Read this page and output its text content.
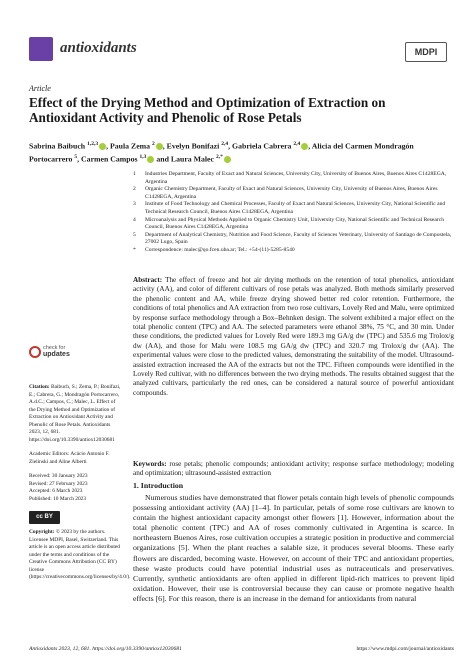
antioxidants	MDPI
Article
Effect of the Drying Method and Optimization of Extraction on Antioxidant Activity and Phenolic of Rose Petals
Sabrina Baibuch $^{1,2,3}$ , Paula Zema $^2$ , Evelyn Bonifazi $^{2,4}$, Gabriela Cabrera $^{2,4}$ , Alicia del Carmen Mondragón Portocarrero $^5$, Carmen Campos $^{1,3}$ and Laura Malec $^{2,*}$
1	Industries Department, Faculty of Exact and Natural Sciences, University City, University of Buenos Aires, Buenos Aires C1428EGA, Argentina
2	Organic Chemistry Department, Faculty of Exact and Natural Sciences, University City, University of Buenos Aires, Buenos Aires C1428EGA, Argentina
3	Institute of Food Technology and Chemical Processes, Faculty of Exact and Natural Sciences, University City, National Scientific and Technical Research Council, Buenos Aires C1428EGA, Argentina
4	Microanalysis and Physical Methods Applied to Organic Chemistry Unit, University City, National Scientific and Technical Research Council, Buenos Aires C1428EGA, Argentina
5	Department of Analytical Chemistry, Nutrition and Food Science, Faculty of Sciences Veterinary, University of Santiago de Compostela, 27002 Lugo, Spain
*	Correspondence: malec@qo.fcen.uba.ar; Tel.: +54-(11)-5285-8540
check for
updates

Citation: Baibuch, S.; Zema, P.; Bonifazi, E.; Cabrera, G.; Mondragón Portocarrero, A.d.C.; Campos, C.; Malec, L. Effect of the Drying Method and Optimization of Extraction on Antioxidant Activity and Phenolic of Rose Petals. Antioxidants 2023, 12, 681. https://doi.org/10.3390/antiox12030681

Academic Editors: Acácio Antonio F. Zielinski and Aline Alberti

Received: 30 January 2023
Revised: 27 February 2023
Accepted: 6 March 2023
Published: 10 March 2023

cc BY

Copyright: © 2023 by the authors. Licensee MDPI, Basel, Switzerland. This article is an open access article distributed under the terms and conditions of the Creative Commons Attribution (CC BY) license (https://creativecommons.org/licenses/by/4.0/).

Abstract: The effect of freeze and hot air drying methods on the retention of total phenolics, antioxidant activity (AA), and color of different cultivars of rose petals was analyzed. Both methods similarly preserved the phenolic content and AA, while freeze drying showed better red color retention. Furthermore, the conditions of total phenolics and AA extraction from two rose cultivars, Lovely Red and Malu, were optimized by response surface methodology through a Box–Behnken design. The solvent exhibited a major effect on the total phenolic content (TPC) and AA. The selected parameters were ethanol 38%, 75 °C, and 30 min. Under these conditions, the predicted values for Lovely Red were 189.3 mg GA/g dw (TPC) and 535.6 mg Trolox/g dw (AA), and those for Malu were 108.5 mg GA/g dw (TPC) and 320.7 mg Trolox/g dw (AA). The experimental values were close to the predicted values, demonstrating the suitability of the model. Ultrasound-assisted extraction increased the AA of the extracts but not the TPC. Fifteen compounds were identified in the Lovely Red cultivar, with no differences between the two drying methods. The results obtained suggest that the analyzed cultivars, particularly the red ones, can be considered a natural source of powerful antioxidant compounds.
Keywords: rose petals; phenolic compounds; antioxidant activity; response surface methodology; modeling and optimization; ultrasound-assisted extraction
1. Introduction
Numerous studies have demonstrated that flower petals contain high levels of phenolic compounds possessing antioxidant activity (AA) [1–4]. In particular, petals of some rose cultivars are known to contain the highest antioxidant capacity amongst other flowers [1]. However, information about the total phenolic content (TPC) and AA of roses commonly cultivated in Argentina is scarce. In northeastern Buenos Aires, rose cultivation occupies a strategic position in productive and commercial organizations [5]. When the plant reaches a salable size, it produces several blooms. These early flowers are discarded, becoming waste. However, on account of their TPC and antioxidant properties, these waste products could have potential industrial uses as nutraceuticals and preservatives. Currently, synthetic antioxidants are often applied in different lipid-rich matrices to prevent lipid oxidation. However, their use is controversial because they can cause or promote negative health effects [6]. For this reason, there is an increase in the demand for antioxidants from natural
Antioxidants 2023, 12, 681. https://doi.org/10.3390/antiox12030681	https://www.mdpi.com/journal/antioxidants
